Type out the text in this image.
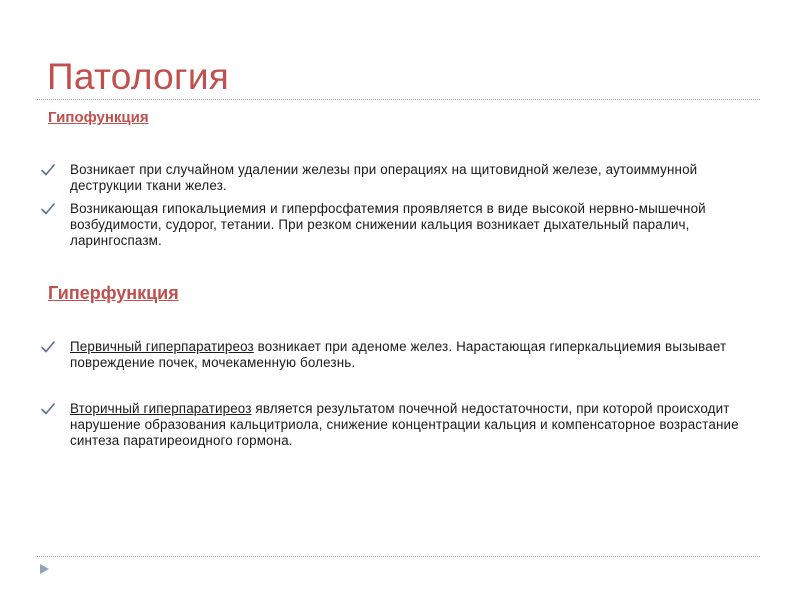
Патология
Гипофункция
Возникает при случайном удалении железы при операциях на щитовидной железе, аутоиммунной деструкции ткани желез.
Возникающая гипокальциемия и гиперфосфатемия проявляется в виде высокой нервно-мышечной возбудимости, судорог, тетании. При резком снижении кальция возникает дыхательный паралич, ларингоспазм.
Гиперфункция
Первичный гиперпаратиреоз возникает при аденоме желез. Нарастающая гиперкальциемия вызывает повреждение почек, мочекаменную болезнь.
Вторичный гиперпаратиреоз является результатом почечной недостаточности, при которой происходит нарушение образования кальцитриола, снижение концентрации кальция и компенсаторное возрастание синтеза паратиреоидного гормона.
